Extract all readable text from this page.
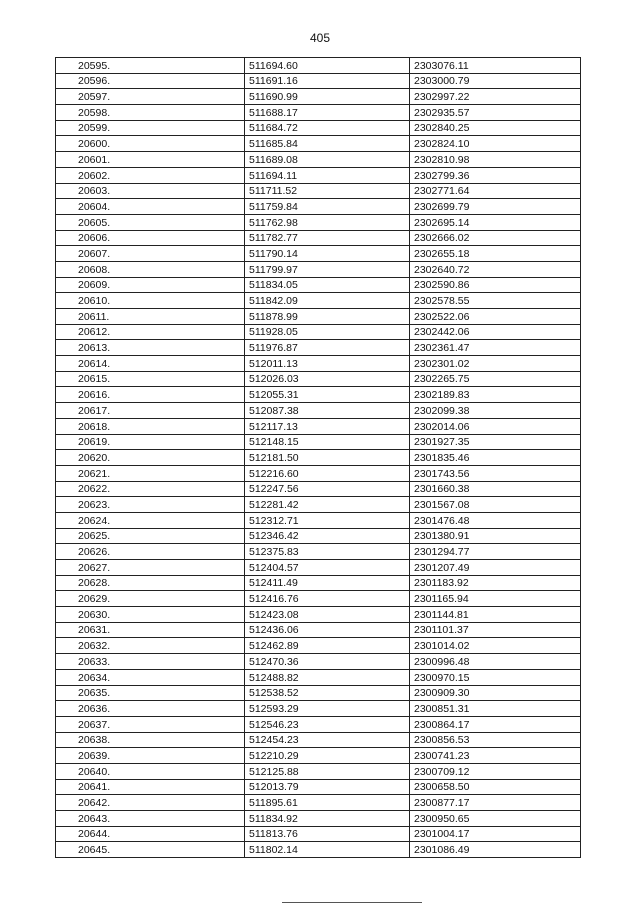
405
20595.	511694.60	2303076.11
20596.	511691.16	2303000.79
20597.	511690.99	2302997.22
20598.	511688.17	2302935.57
20599.	511684.72	2302840.25
20600.	511685.84	2302824.10
20601.	511689.08	2302810.98
20602.	511694.11	2302799.36
20603.	511711.52	2302771.64
20604.	511759.84	2302699.79
20605.	511762.98	2302695.14
20606.	511782.77	2302666.02
20607.	511790.14	2302655.18
20608.	511799.97	2302640.72
20609.	511834.05	2302590.86
20610.	511842.09	2302578.55
20611.	511878.99	2302522.06
20612.	511928.05	2302442.06
20613.	511976.87	2302361.47
20614.	512011.13	2302301.02
20615.	512026.03	2302265.75
20616.	512055.31	2302189.83
20617.	512087.38	2302099.38
20618.	512117.13	2302014.06
20619.	512148.15	2301927.35
20620.	512181.50	2301835.46
20621.	512216.60	2301743.56
20622.	512247.56	2301660.38
20623.	512281.42	2301567.08
20624.	512312.71	2301476.48
20625.	512346.42	2301380.91
20626.	512375.83	2301294.77
20627.	512404.57	2301207.49
20628.	512411.49	2301183.92
20629.	512416.76	2301165.94
20630.	512423.08	2301144.81
20631.	512436.06	2301101.37
20632.	512462.89	2301014.02
20633.	512470.36	2300996.48
20634.	512488.82	2300970.15
20635.	512538.52	2300909.30
20636.	512593.29	2300851.31
20637.	512546.23	2300864.17
20638.	512454.23	2300856.53
20639.	512210.29	2300741.23
20640.	512125.88	2300709.12
20641.	512013.79	2300658.50
20642.	511895.61	2300877.17
20643.	511834.92	2300950.65
20644.	511813.76	2301004.17
20645.	511802.14	2301086.49
